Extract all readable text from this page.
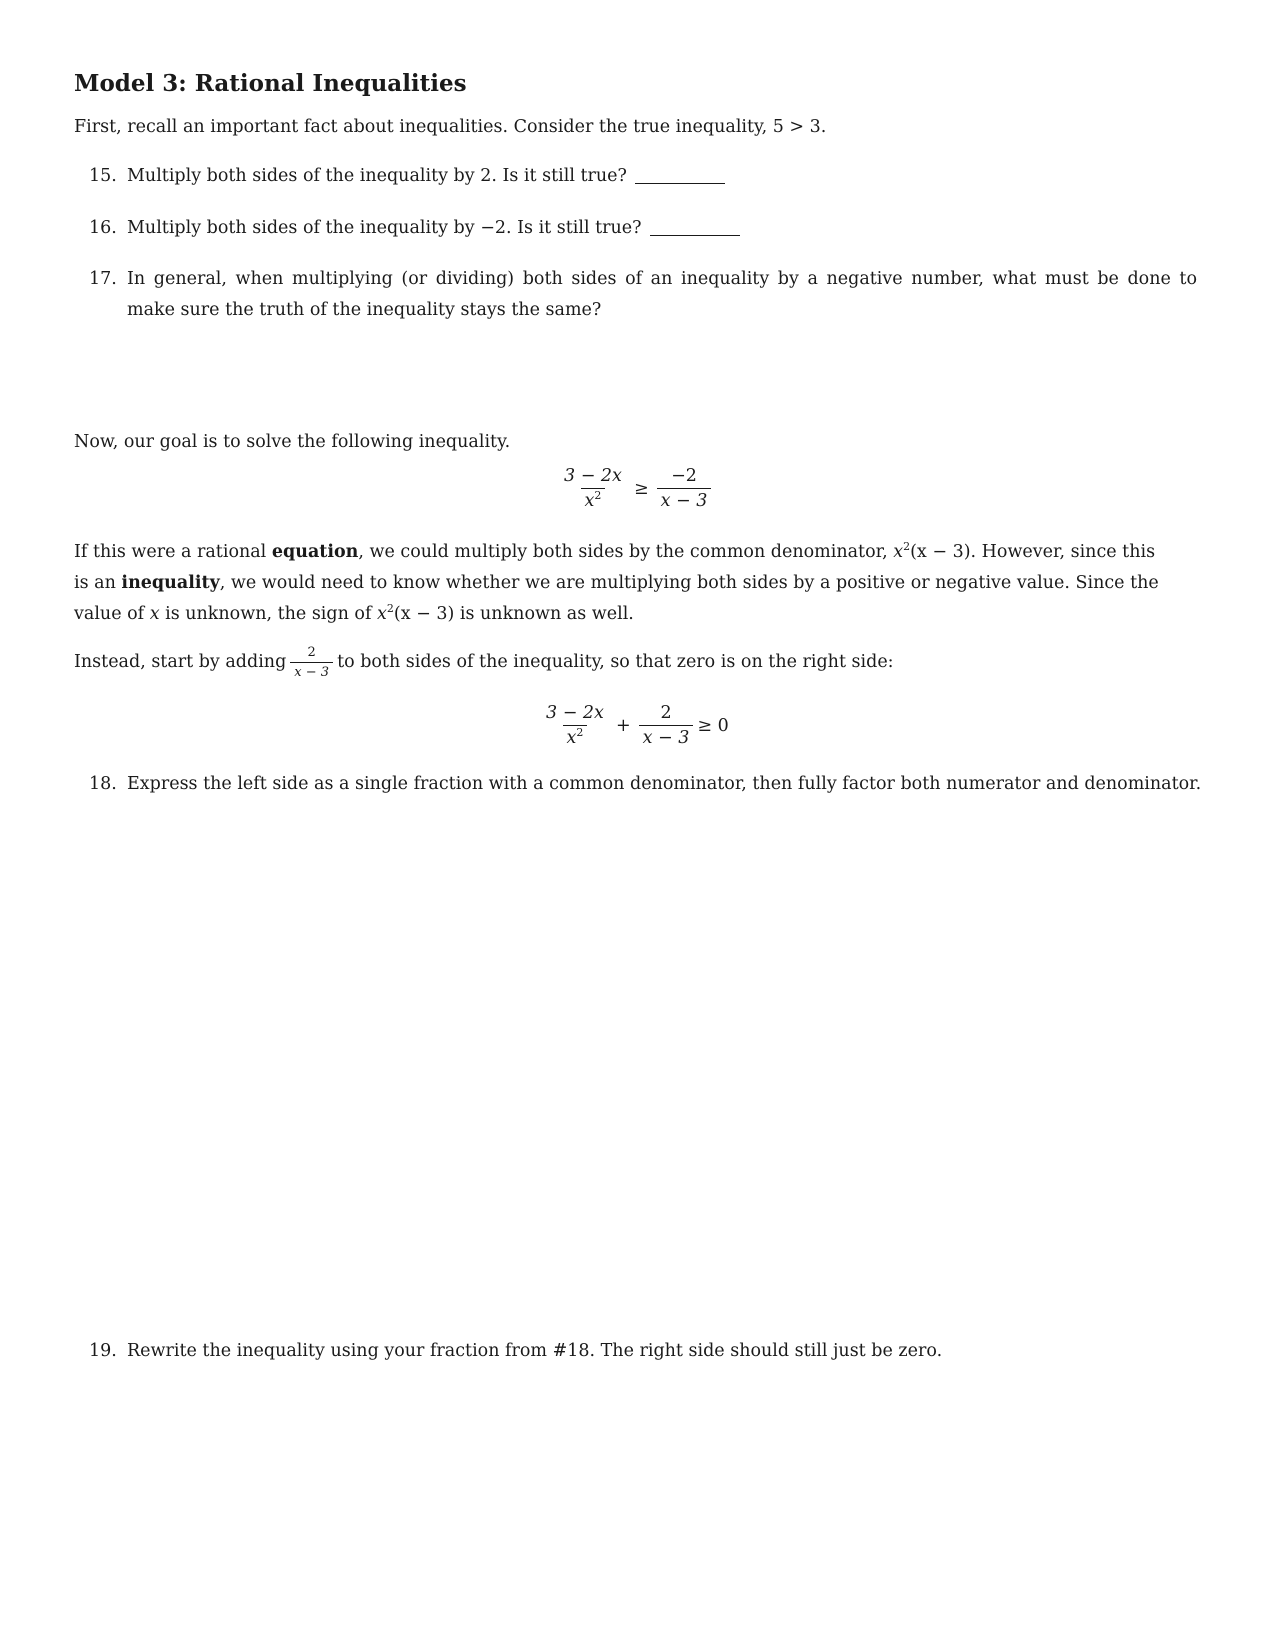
Model 3: Rational Inequalities
First, recall an important fact about inequalities. Consider the true inequality, 5 > 3.
15. Multiply both sides of the inequality by 2. Is it still true?
16. Multiply both sides of the inequality by −2. Is it still true?
17. In general, when multiplying (or dividing) both sides of an inequality by a negative number, what must be done to
make sure the truth of the inequality stays the same?
Now, our goal is to solve the following inequality.
$\frac{3 - 2x}{x^2} \ge \frac{-2}{x - 3}$
If this were a rational equation, we could multiply both sides by the common denominator, $x^2(x - 3)$. However, since this
is an inequality, we would need to know whether we are multiplying both sides by a positive or negative value. Since the
value of x is unknown, the sign of $x^2(x - 3)$ is unknown as well.
Instead, start by adding $\frac{2}{x - 3}$ to both sides of the inequality, so that zero is on the right side:
$\frac{3 - 2x}{x^2} + \frac{2}{x - 3} \ge 0$
18. Express the left side as a single fraction with a common denominator, then fully factor both numerator and denominator.
19. Rewrite the inequality using your fraction from #18. The right side should still just be zero.
